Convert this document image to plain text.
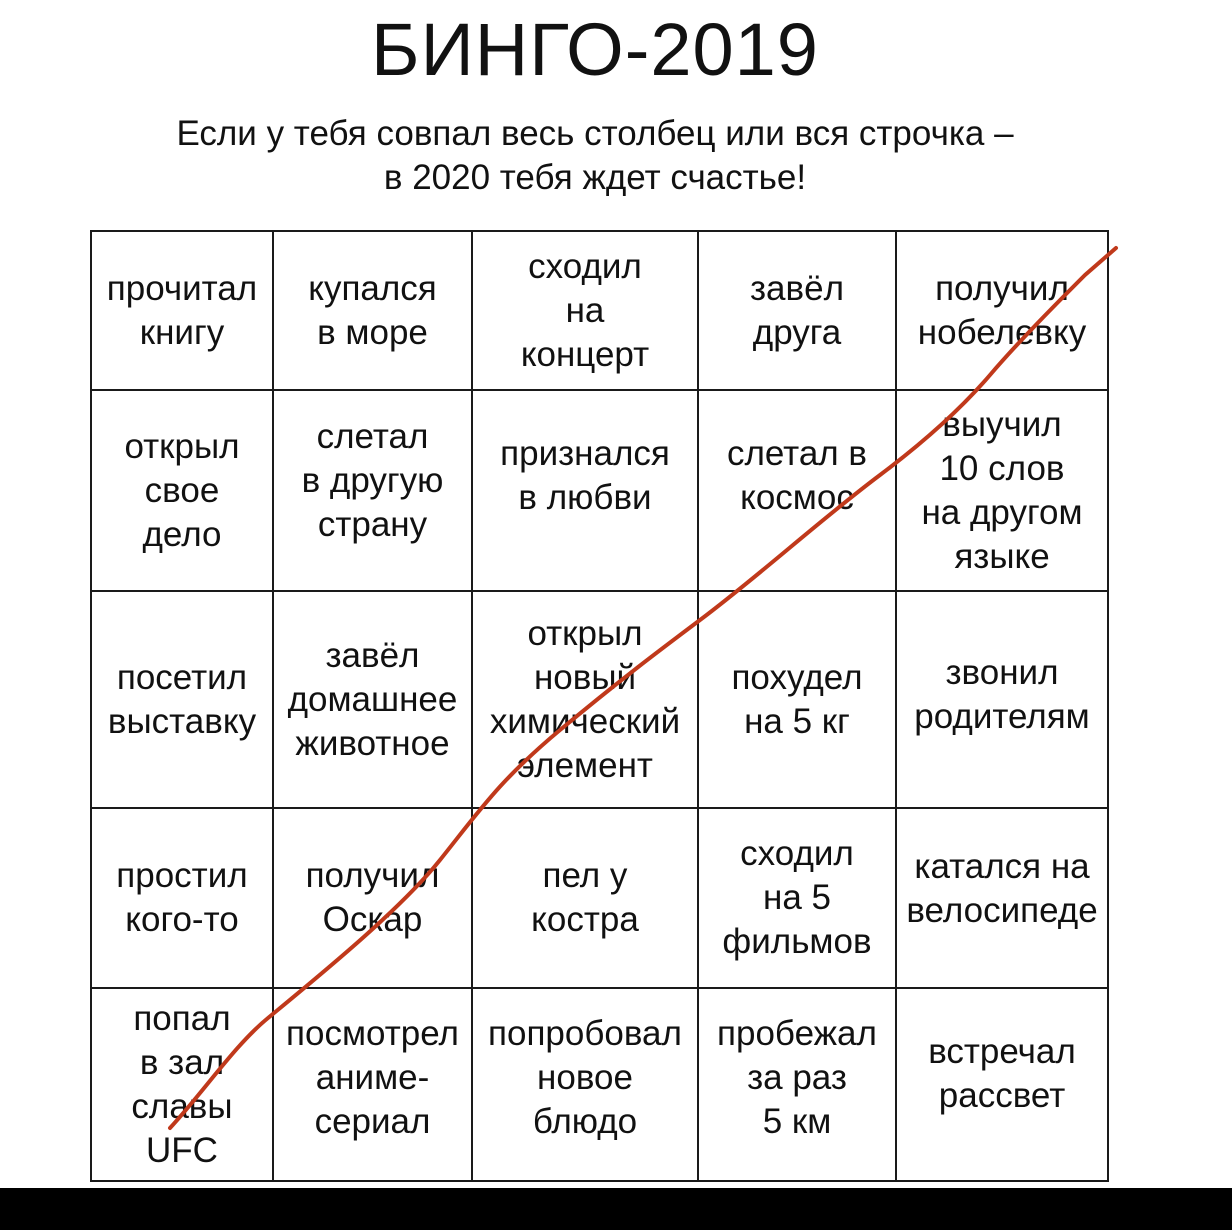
БИНГО-2019
Если у тебя совпал весь столбец или вся строчка –
в 2020 тебя ждет счастье!
прочитал
книгу
купался
в море
сходил
на
концерт
завёл
друга
получил
нобелевку
открыл
свое
дело
слетал
в другую
страну
признался
в любви
слетал в
космос
выучил
10 слов
на другом
языке
посетил
выставку
завёл
домашнее
животное
открыл
новый
химический
элемент
похудел
на 5 кг
звонил
родителям
простил
кого-то
получил
Оскар
пел у
костра
сходил
на 5
фильмов
катался на
велосипеде
попал
в зал
славы
UFC
посмотрел
аниме-
сериал
попробовал
новое
блюдо
пробежал
за раз
5 км
встречал
рассвет
